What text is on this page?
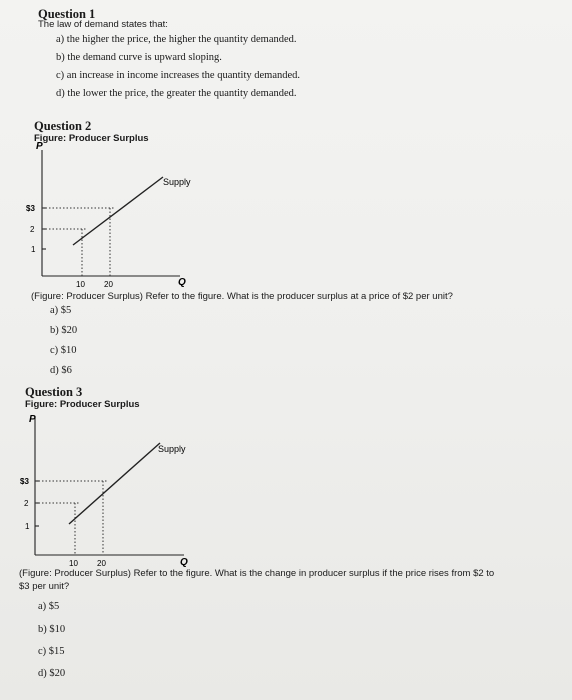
Question 1
The law of demand states that:
a) the higher the price, the higher the quantity demanded.
b) the demand curve is upward sloping.
c) an increase in income increases the quantity demanded.
d) the lower the price, the greater the quantity demanded.
Question 2
Figure: Producer Surplus
P
Q
Supply
$3
2
1
10 20
(Figure: Producer Surplus) Refer to the figure. What is the producer surplus at a price of $2 per unit?
a) $5
b) $20
c) $10
d) $6
Question 3
Figure: Producer Surplus
P
Q
Supply
$3
2
1
10 20
(Figure: Producer Surplus) Refer to the figure. What is the change in producer surplus if the price rises from $2 to
$3 per unit?
a) $5
b) $10
c) $15
d) $20
